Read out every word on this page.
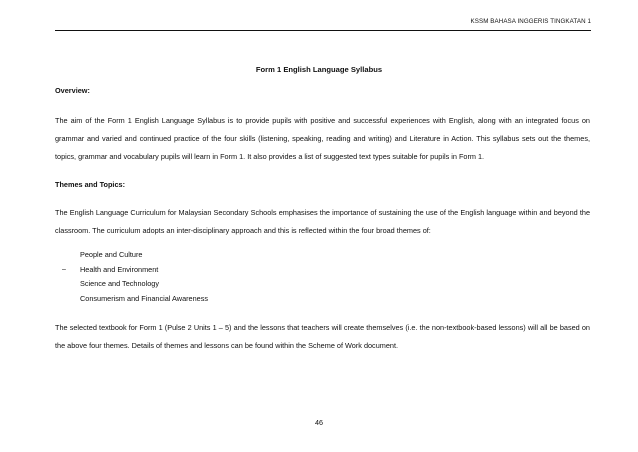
KSSM BAHASA INGGERIS TINGKATAN 1
Form 1 English Language Syllabus

Overview:

The aim of the Form 1 English Language Syllabus is to provide pupils with positive and successful experiences with English, along with an integrated focus on grammar and varied and continued practice of the four skills (listening, speaking, reading and writing) and Literature in Action. This syllabus sets out the themes, topics, grammar and vocabulary pupils will learn in Form 1. It also provides a list of suggested text types suitable for pupils in Form 1.

Themes and Topics:

The English Language Curriculum for Malaysian Secondary Schools emphasises the importance of sustaining the use of the English language within and beyond the classroom. The curriculum adopts an inter-disciplinary approach and this is reflected within the four broad themes of:

People and Culture
– Health and Environment
Science and Technology
Consumerism and Financial Awareness

The selected textbook for Form 1 (Pulse 2 Units 1 – 5) and the lessons that teachers will create themselves (i.e. the non-textbook-based lessons) will all be based on the above four themes. Details of themes and lessons can be found within the Scheme of Work document.

46
